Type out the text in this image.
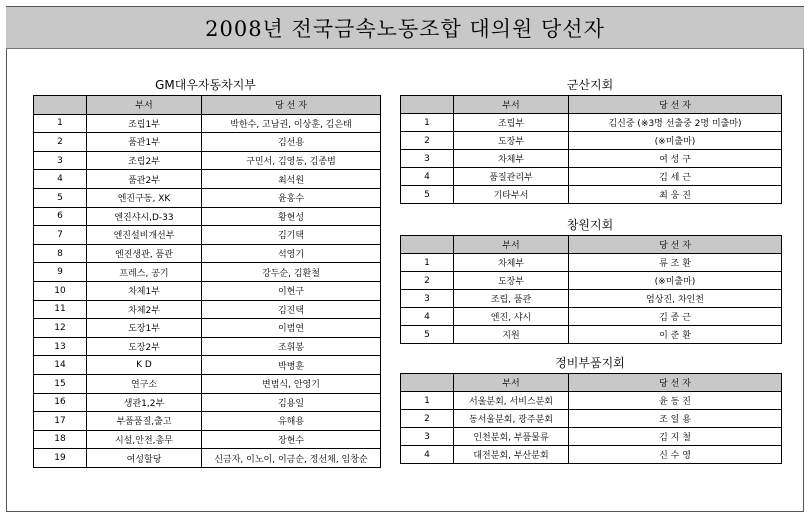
2008년 전국금속노동조합 대의원 당선자
GM대우자동차지부
	부서	당 선 자
1	조립1부	박한수, 고남권, 이상훈, 김은태
2	품관1부	김선용
3	조립2부	구민서, 김영동, 김종범
4	품관2부	최석원
5	엔진구동, XK	윤홍수
6	엔진샤시,D-33	황현성
7	엔진설비개선부	김기택
8	엔진생관, 품관	석영기
9	프레스, 공기	강두순, 김환철
10	차체1부	이현구
11	차체2부	김진택
12	도장1부	이범연
13	도장2부	조휘봉
14	K D	박병훈
15	연구소	변범식, 안영기
16	생관1,2부	김용일
17	부품품질,출고	유해용
18	시설,안전,총무	장현수
19	여성할당	신금자, 이노이, 이금순, 정선채, 임창순
군산지회
	부서	당 선 자
1	조립부	김신중 (※3명 선출중 2명 미출마)
2	도장부	(※미출마)
3	차체부	여 성 구
4	품질관리부	김 세 근
5	기타부서	최 웅 진
창원지회
	부서	당 선 자
1	차체부	류 조 환
2	도장부	(※미출마)
3	조립, 품관	엄상진, 차인천
4	엔진, 샤시	김 종 근
5	지원	이 준 환
정비부품지회
	부서	당 선 자
1	서울분회, 서비스분회	윤 동 진
2	동서울분회, 광주분회	조 일 용
3	인천분회, 부품물류	김 지 철
4	대전분회, 부산분회	신 수 영
